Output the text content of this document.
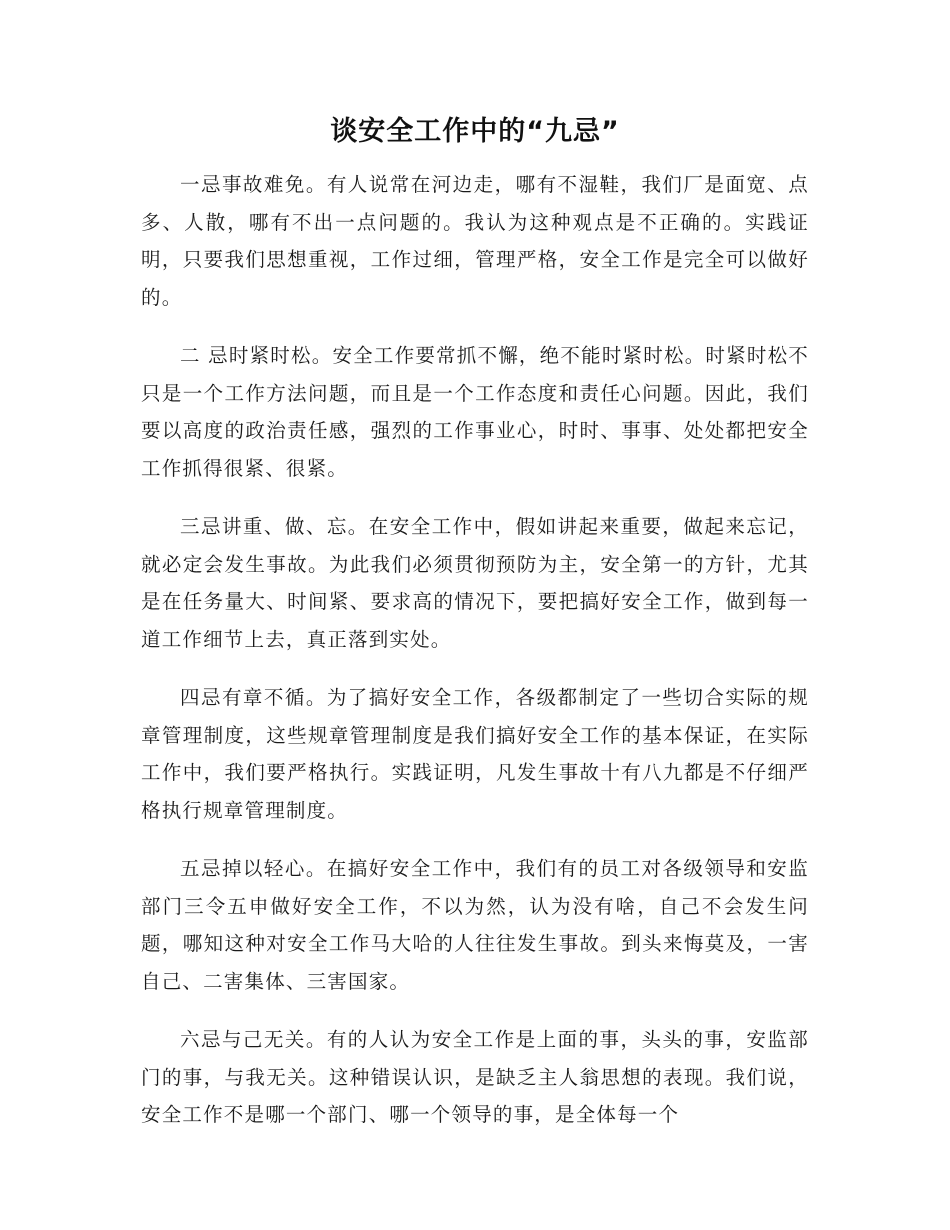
谈安全工作中的“九忌”

一忌事故难免。有人说常在河边走，哪有不湿鞋，我们厂是面宽、点多、人散，哪有不出一点问题的。我认为这种观点是不正确的。实践证明，只要我们思想重视，工作过细，管理严格，安全工作是完全可以做好的。

二 忌时紧时松。安全工作要常抓不懈，绝不能时紧时松。时紧时松不只是一个工作方法问题，而且是一个工作态度和责任心问题。因此，我们要以高度的政治责任感，强烈的工作事业心，时时、事事、处处都把安全工作抓得很紧、很紧。

三忌讲重、做、忘。在安全工作中，假如讲起来重要，做起来忘记，就必定会发生事故。为此我们必须贯彻预防为主，安全第一的方针，尤其是在任务量大、时间紧、要求高的情况下，要把搞好安全工作，做到每一道工作细节上去，真正落到实处。

四忌有章不循。为了搞好安全工作，各级都制定了一些切合实际的规章管理制度，这些规章管理制度是我们搞好安全工作的基本保证，在实际工作中，我们要严格执行。实践证明，凡发生事故十有八九都是不仔细严格执行规章管理制度。

五忌掉以轻心。在搞好安全工作中，我们有的员工对各级领导和安监部门三令五申做好安全工作，不以为然，认为没有啥，自己不会发生问题，哪知这种对安全工作马大哈的人往往发生事故。到头来悔莫及，一害自己、二害集体、三害国家。

六忌与己无关。有的人认为安全工作是上面的事，头头的事，安监部门的事，与我无关。这种错误认识，是缺乏主人翁思想的表现。我们说，安全工作不是哪一个部门、哪一个领导的事，是全体每一个
